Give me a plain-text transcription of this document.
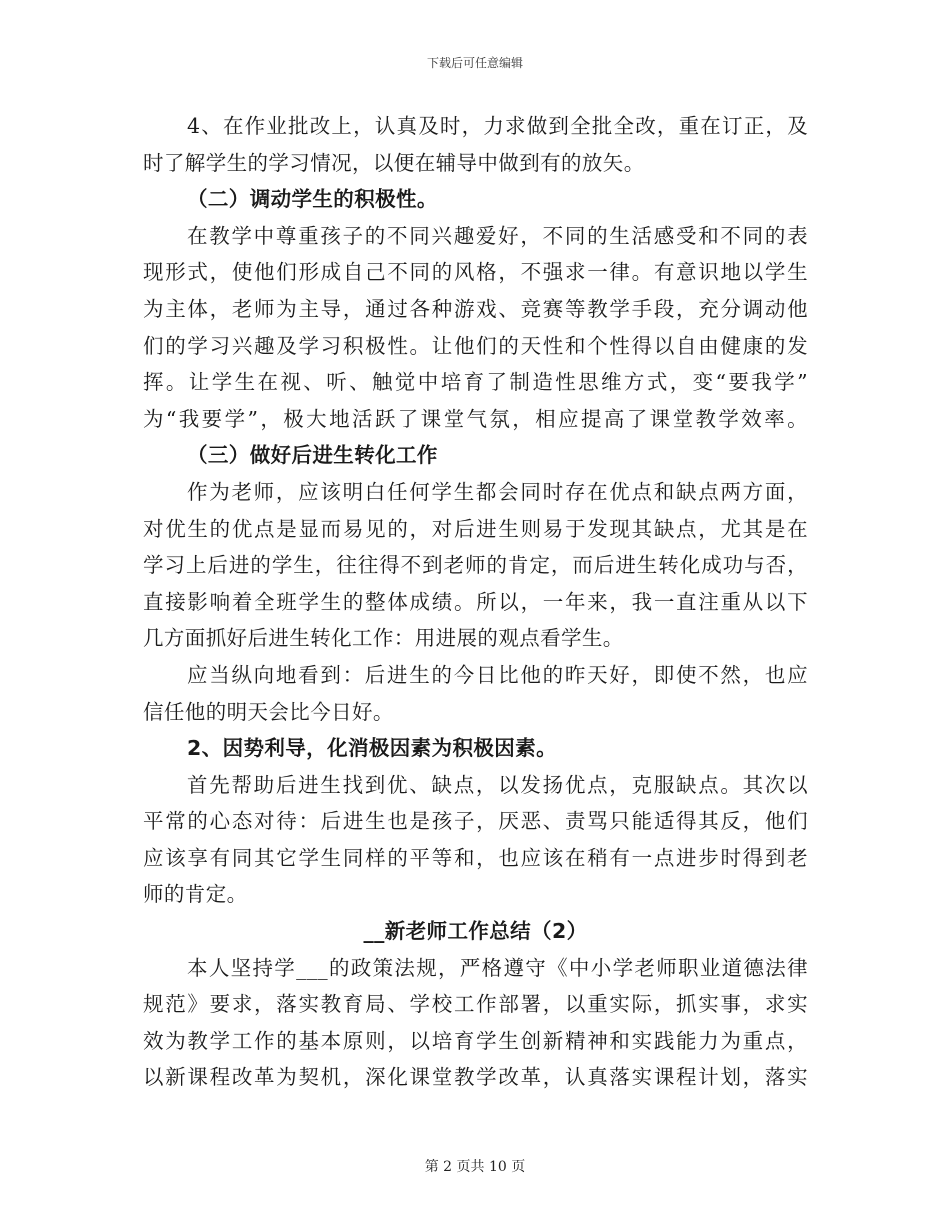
下载后可任意编辑
4、在作业批改上，认真及时，力求做到全批全改，重在订正，及
时了解学生的学习情况，以便在辅导中做到有的放矢。
（二）调动学生的积极性。
在教学中尊重孩子的不同兴趣爱好，不同的生活感受和不同的表
现形式，使他们形成自己不同的风格，不强求一律。有意识地以学生
为主体，老师为主导，通过各种游戏、竞赛等教学手段，充分调动他
们的学习兴趣及学习积极性。让他们的天性和个性得以自由健康的发
挥。让学生在视、听、触觉中培育了制造性思维方式，变“要我学”
为“我要学”，极大地活跃了课堂气氛，相应提高了课堂教学效率。
（三）做好后进生转化工作
作为老师，应该明白任何学生都会同时存在优点和缺点两方面，
对优生的优点是显而易见的，对后进生则易于发现其缺点，尤其是在
学习上后进的学生，往往得不到老师的肯定，而后进生转化成功与否，
直接影响着全班学生的整体成绩。所以，一年来，我一直注重从以下
几方面抓好后进生转化工作：用进展的观点看学生。
应当纵向地看到：后进生的今日比他的昨天好，即使不然，也应
信任他的明天会比今日好。
2、因势利导，化消极因素为积极因素。
首先帮助后进生找到优、缺点，以发扬优点，克服缺点。其次以
平常的心态对待：后进生也是孩子，厌恶、责骂只能适得其反，他们
应该享有同其它学生同样的平等和，也应该在稍有一点进步时得到老
师的肯定。
__新老师工作总结（2）
本人坚持学___的政策法规，严格遵守《中小学老师职业道德法律
规范》要求，落实教育局、学校工作部署，以重实际，抓实事，求实
效为教学工作的基本原则，以培育学生创新精神和实践能力为重点，
以新课程改革为契机，深化课堂教学改革，认真落实课程计划，落实
第 2 页共 10 页
